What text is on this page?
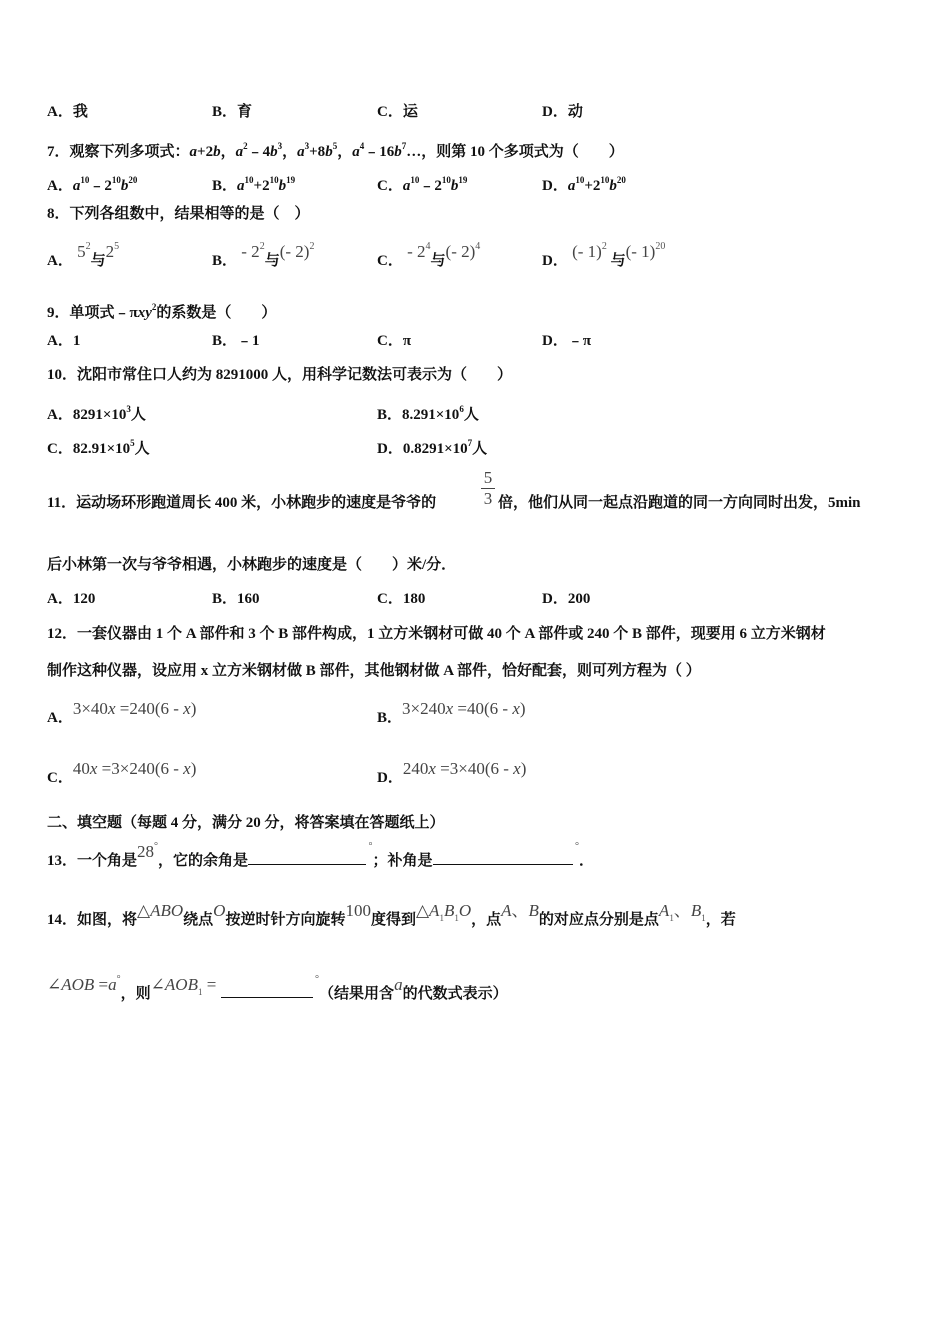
A．我	B．育	C．运	D．动
7．观察下列多项式：a+2b，$a^2﹣4b^3$，$a^3+8b^5$，$a^4﹣16b^7\dots$，则第 10 个多项式为（　　）
A．$a^{10}﹣2^{10}b^{20}$	B．$a^{10}+2^{10}b^{19}$	C．$a^{10}﹣2^{10}b^{19}$	D．$a^{10}+2^{10}b^{20}$
8．下列各组数中，结果相等的是（　）
A． $5^2$与$2^5$
B． - $2^2$与(- 2)$^2$
C． - $2^4$与(- 2)$^4$
D． (- 1)$^2$ 与(- 1)$^{20}$
9．单项式﹣πxy$^2$的系数是（　　）
A．1	B．﹣1	C．π	D．﹣π
10．沈阳市常住口人约为 8291000 人，用科学记数法可表示为（　　）
A．$8291\times 10^3$人	B．$8.291\times 10^6$人
C．$82.91\times 10^5$人	D．$0.8291\times 10^7$人
11．运动场环形跑道周长 400 米，小林跑步的速度是爷爷的	倍，他们从同一起点沿跑道的同一方向同时出发，5min
后小林第一次与爷爷相遇，小林跑步的速度是（　　）米/分．
A．120	B．160	C．180	D．200
12．一套仪器由 1 个 A 部件和 3 个 B 部件构成，1 立方米钢材可做 40 个 A 部件或 240 个 B 部件，现要用 6 立方米钢材
制作这种仪器，设应用 x 立方米钢材做 B 部件，其他钢材做 A 部件，恰好配套，则可列方程为（ ）
A．3×40x =240(6 - x)	B．3×240x =40(6 - x)
C．40x =3×240(6 - x)	D．240x =3×40(6 - x)
二、填空题（每题 4 分，满分 20 分，将答案填在答题纸上）
13．一个角是28°，它的余角是 °；补角是 °．
14．如图，将△ABO绕点O按逆时针方向旋转100度得到$\triangle A^1B^1O$，点A、B的对应点分别是点$A^1$、$B^1$，若
∠AOB =a°，则$\angle AOB^1$ =	°（结果用含a的代数式表示）
5
3
